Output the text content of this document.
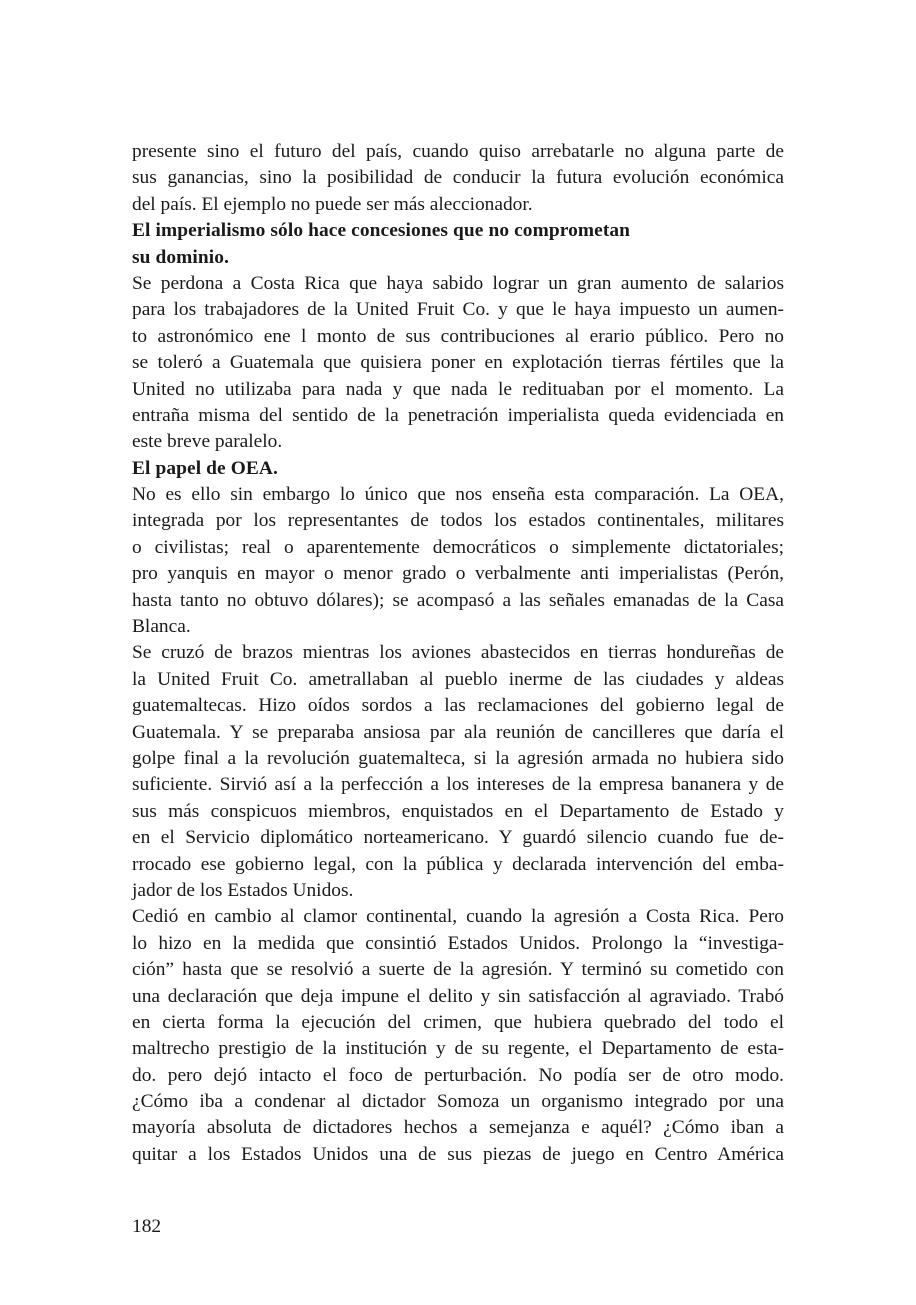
presente sino el futuro del país, cuando quiso arrebatarle no alguna parte de
sus ganancias, sino la posibilidad de conducir la futura evolución económica
del país. El ejemplo no puede ser más aleccionador.
El imperialismo sólo hace concesiones que no comprometan
su dominio.
Se perdona a Costa Rica que haya sabido lograr un gran aumento de salarios
para los trabajadores de la United Fruit Co. y que le haya impuesto un aumen-
to astronómico ene l monto de sus contribuciones al erario público. Pero no
se toleró a Guatemala que quisiera poner en explotación tierras fértiles que la
United no utilizaba para nada y que nada le redituaban por el momento. La
entraña misma del sentido de la penetración imperialista queda evidenciada en
este breve paralelo.
El papel de OEA.
No es ello sin embargo lo único que nos enseña esta comparación. La OEA,
integrada por los representantes de todos los estados continentales, militares
o civilistas; real o aparentemente democráticos o simplemente dictatoriales;
pro yanquis en mayor o menor grado o verbalmente anti imperialistas (Perón,
hasta tanto no obtuvo dólares); se acompasó a las señales emanadas de la Casa
Blanca.
Se cruzó de brazos mientras los aviones abastecidos en tierras hondureñas de
la United Fruit Co. ametrallaban al pueblo inerme de las ciudades y aldeas
guatemaltecas. Hizo oídos sordos a las reclamaciones del gobierno legal de
Guatemala. Y se preparaba ansiosa par ala reunión de cancilleres que daría el
golpe final a la revolución guatemalteca, si la agresión armada no hubiera sido
suficiente. Sirvió así a la perfección a los intereses de la empresa bananera y de
sus más conspicuos miembros, enquistados en el Departamento de Estado y
en el Servicio diplomático norteamericano. Y guardó silencio cuando fue de-
rrocado ese gobierno legal, con la pública y declarada intervención del emba-
jador de los Estados Unidos.
Cedió en cambio al clamor continental, cuando la agresión a Costa Rica. Pero
lo hizo en la medida que consintió Estados Unidos. Prolongo la “investiga-
ción” hasta que se resolvió a suerte de la agresión. Y terminó su cometido con
una declaración que deja impune el delito y sin satisfacción al agraviado. Trabó
en cierta forma la ejecución del crimen, que hubiera quebrado del todo el
maltrecho prestigio de la institución y de su regente, el Departamento de esta-
do. pero dejó intacto el foco de perturbación. No podía ser de otro modo.
¿Cómo iba a condenar al dictador Somoza un organismo integrado por una
mayoría absoluta de dictadores hechos a semejanza e aquél? ¿Cómo iban a
quitar a los Estados Unidos una de sus piezas de juego en Centro América
182
